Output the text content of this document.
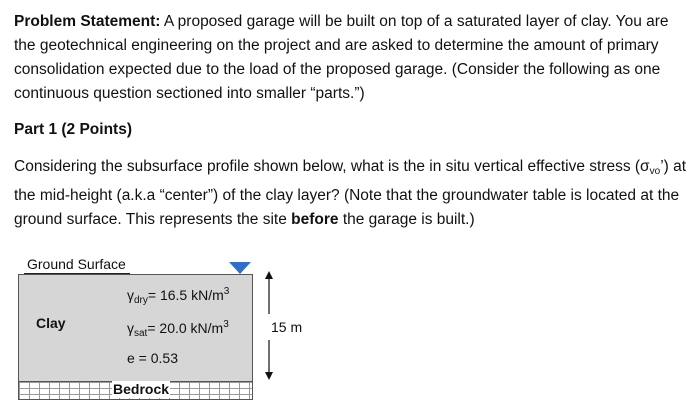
Problem Statement: A proposed garage will be built on top of a saturated layer of clay. You are the geotechnical engineering on the project and are asked to determine the amount of primary consolidation expected due to the load of the proposed garage. (Consider the following as one continuous question sectioned into smaller “parts.”)
Part 1 (2 Points)
Considering the subsurface profile shown below, what is the in situ vertical effective stress $(\sigma_{vo}’)$ at the mid-height (a.k.a “center”) of the clay layer? (Note that the groundwater table is located at the ground surface. This represents the site before the garage is built.)
Ground Surface
Clay
$\gamma_{dry}= 16.5$ $kN/m^3$
$\gamma_{sat}= 20.0$ $kN/m^3$
e = 0.53
Bedrock
15 m
